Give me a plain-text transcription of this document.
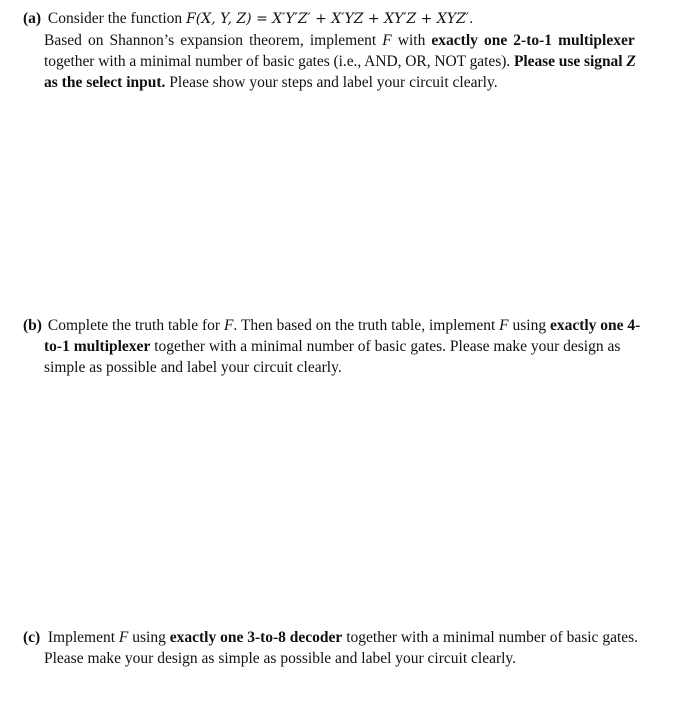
(a) Consider the function F(X, Y, Z) = X′Y′Z′ + X′YZ + XY′Z + XYZ′.
Based on Shannon’s expansion theorem, implement F with exactly one 2-to-1 multiplexer
together with a minimal number of basic gates (i.e., AND, OR, NOT gates). Please use signal Z
as the select input. Please show your steps and label your circuit clearly.
(b) Complete the truth table for F. Then based on the truth table, implement F using exactly one 4-
to-1 multiplexer together with a minimal number of basic gates. Please make your design as
simple as possible and label your circuit clearly.
(c) Implement F using exactly one 3-to-8 decoder together with a minimal number of basic gates.
Please make your design as simple as possible and label your circuit clearly.
